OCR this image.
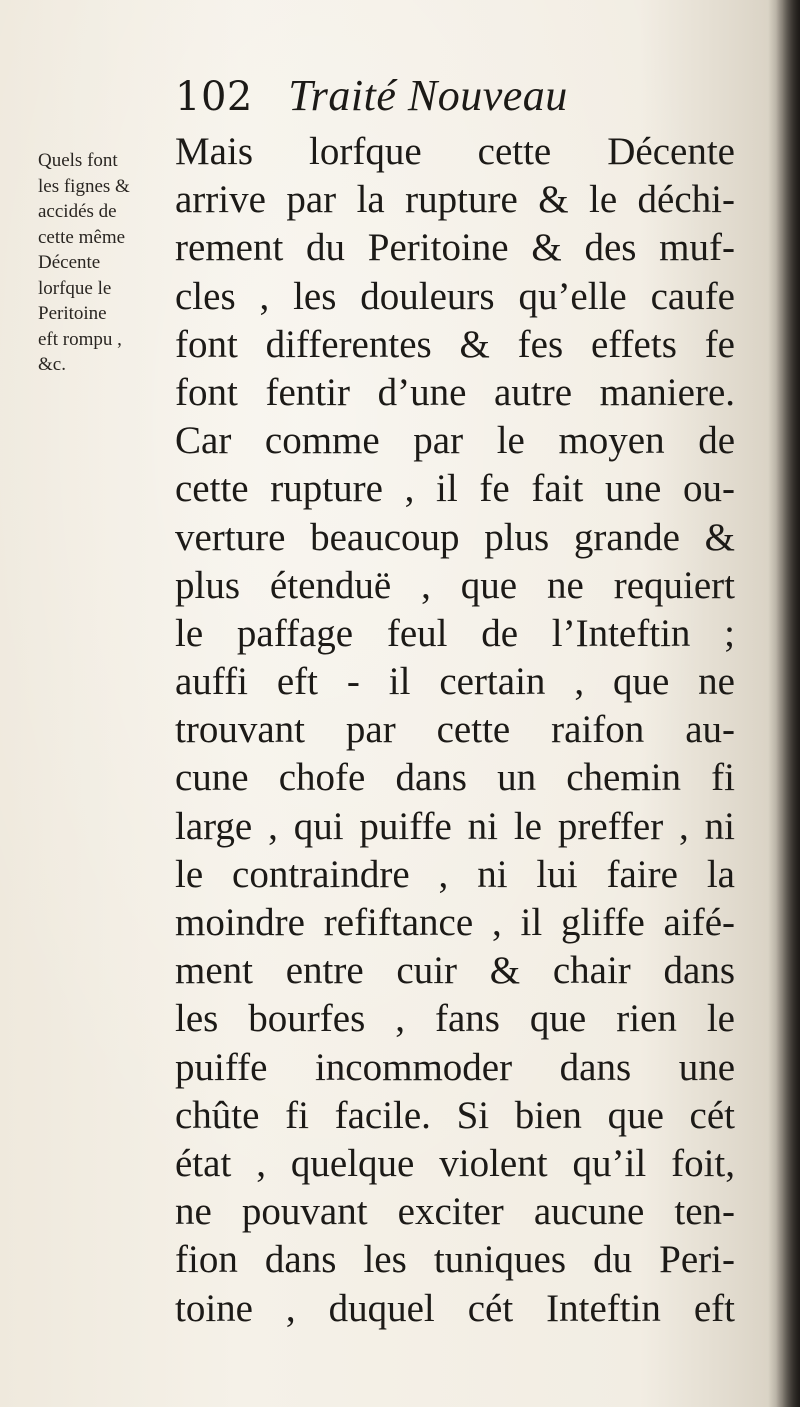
102 Traité Nouveau
Quels font
les fignes &
accidés de
cette même
Décente
lorfque le
Peritoine
eft rompu ,
&c.
Mais lorfque cette Décente
arrive par la rupture & le déchi-
rement du Peritoine & des muf-
cles , les douleurs qu’elle caufe
font differentes & fes effets fe
font fentir d’une autre maniere.
Car comme par le moyen de
cette rupture , il fe fait une ou-
verture beaucoup plus grande &
plus étenduë , que ne requiert
le paffage feul de l’Inteftin ;
auffi eft - il certain , que ne
trouvant par cette raifon au-
cune chofe dans un chemin fi
large , qui puiffe ni le preffer , ni
le contraindre , ni lui faire la
moindre refiftance , il gliffe aifé-
ment entre cuir & chair dans
les bourfes , fans que rien le
puiffe incommoder dans une
chûte fi facile. Si bien que cét
état , quelque violent qu’il foit,
ne pouvant exciter aucune ten-
fion dans les tuniques du Peri-
toine , duquel cét Inteftin eft
